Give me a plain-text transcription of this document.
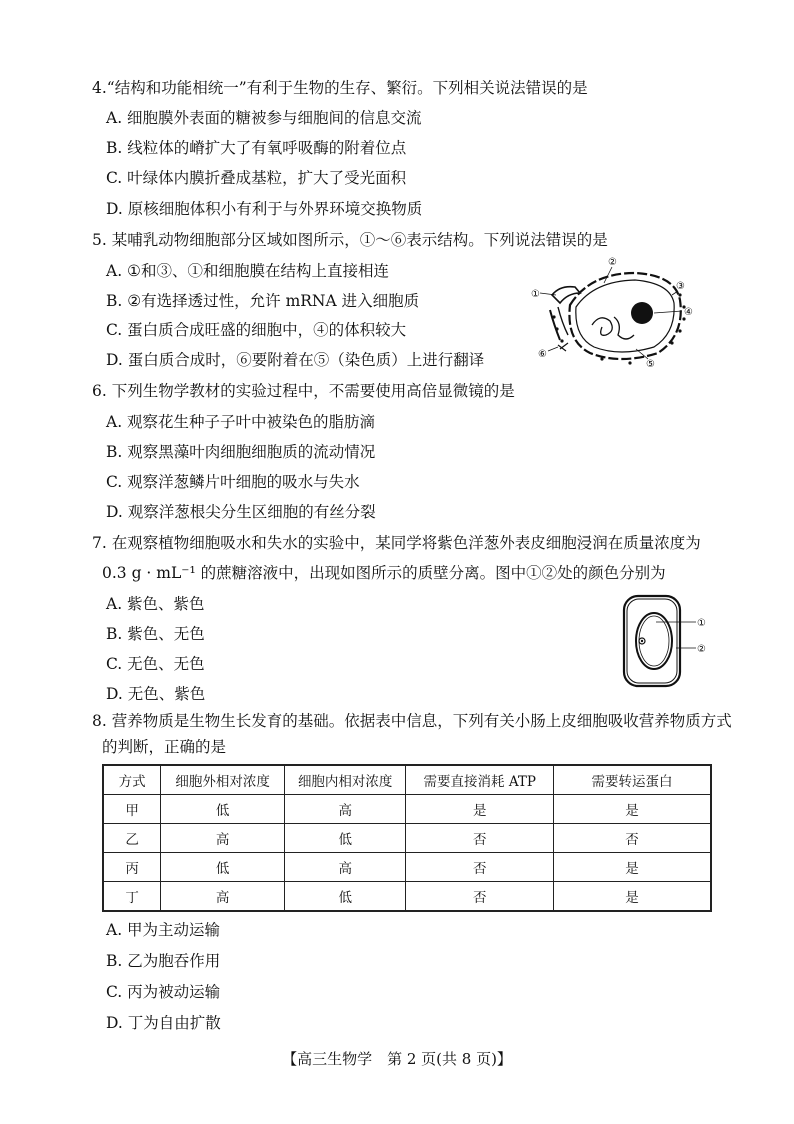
4.“结构和功能相统一”有利于生物的生存、繁衍。下列相关说法错误的是
A. 细胞膜外表面的糖被参与细胞间的信息交流
B. 线粒体的嵴扩大了有氧呼吸酶的附着位点
C. 叶绿体内膜折叠成基粒，扩大了受光面积
D. 原核细胞体积小有利于与外界环境交换物质
5. 某哺乳动物细胞部分区域如图所示，①～⑥表示结构。下列说法错误的是
A. ①和③、①和细胞膜在结构上直接相连
B. ②有选择透过性，允许 mRNA 进入细胞质
C. 蛋白质合成旺盛的细胞中，④的体积较大
D. 蛋白质合成时，⑥要附着在⑤（染色质）上进行翻译
①
②
③
④
⑤
⑥
6. 下列生物学教材的实验过程中，不需要使用高倍显微镜的是
A. 观察花生种子子叶中被染色的脂肪滴
B. 观察黑藻叶肉细胞细胞质的流动情况
C. 观察洋葱鳞片叶细胞的吸水与失水
D. 观察洋葱根尖分生区细胞的有丝分裂
7. 在观察植物细胞吸水和失水的实验中，某同学将紫色洋葱外表皮细胞浸润在质量浓度为
0.3 g · mL⁻¹ 的蔗糖溶液中，出现如图所示的质壁分离。图中①②处的颜色分别为
A. 紫色、紫色
B. 紫色、无色
C. 无色、无色
D. 无色、紫色
①
②
8. 营养物质是生物生长发育的基础。依据表中信息，下列有关小肠上皮细胞吸收营养物质方式
的判断，正确的是
方式	细胞外相对浓度	细胞内相对浓度	需要直接消耗 ATP	需要转运蛋白
甲	低	高	是	是
乙	高	低	否	否
丙	低	高	否	是
丁	高	低	否	是
A. 甲为主动运输
B. 乙为胞吞作用
C. 丙为被动运输
D. 丁为自由扩散
【高三生物学　第 2 页(共 8 页)】
